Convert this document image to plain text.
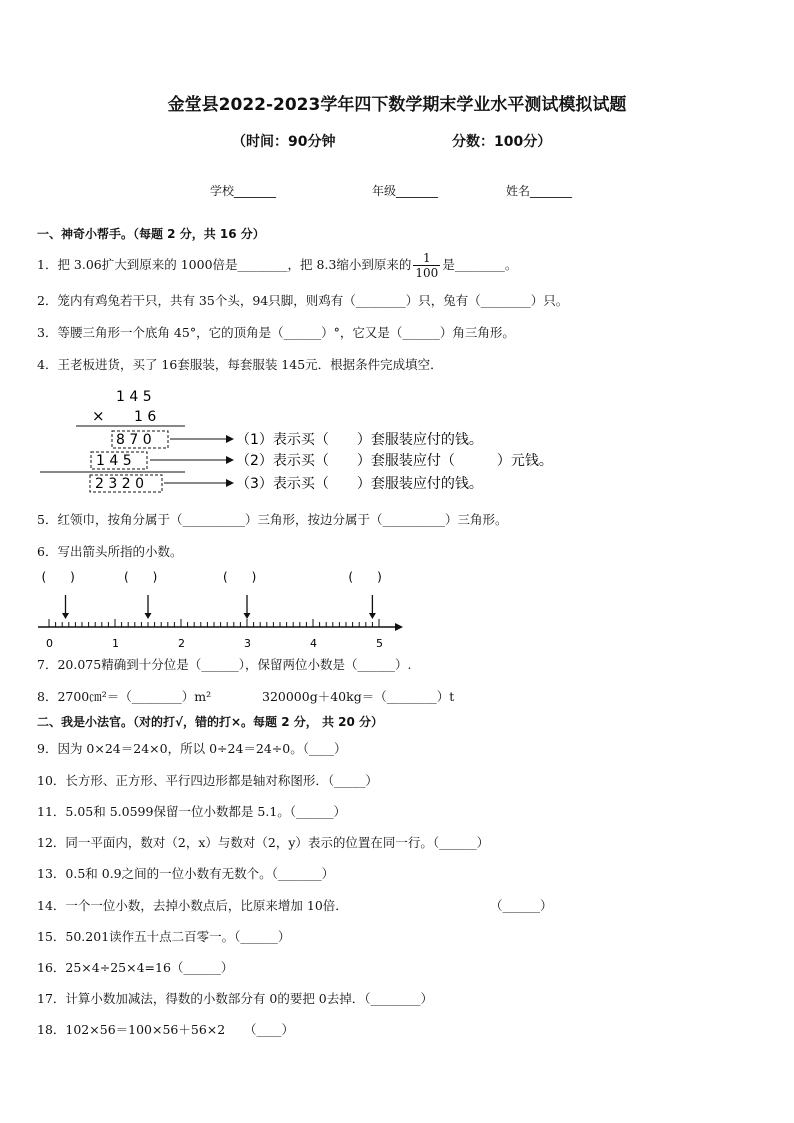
金堂县2022-2023学年四下数学期末学业水平测试模拟试题
（时间：90分钟	分数：100分）
学校_______	年级_______	姓名_______
一、神奇小帮手。（每题 2 分，共 16 分）
1．把 3.06扩大到原来的 1000倍是________，把 8.3缩小到原来的 $\frac{1}{100}$ 是________。
2．笼内有鸡兔若干只，共有 35个头，94只脚，则鸡有（________）只，兔有（________）只。
3．等腰三角形一个底角 45°，它的顶角是（______）°，它又是（______）角三角形。
4．王老板进货，买了 16套服装，每套服装 145元．根据条件完成填空．
1 4 5
× 1 6
8 7 0	（1）表示买（　　）套服装应付的钱。
1 4 5	（2）表示买（　　）套服装应付（　　　）元钱。
2 3 2 0	（3）表示买（　　）套服装应付的钱。
5．红领巾，按角分属于（__________）三角形，按边分属于（__________）三角形。
6．写出箭头所指的小数。
0	1	2	3	4	5
(　　)	(　　)	(　　)	(　　)
7．20.075精确到十分位是（______），保留两位小数是（______）.
8．2700㎝²＝（________）m²	320000g＋40kg＝（________）t
二、我是小法官。（对的打√，错的打×。每题 2 分， 共 20 分）
9．因为 0×24＝24×0，所以 0÷24＝24÷0。（____）
10．长方形、正方形、平行四边形都是轴对称图形．（_____）
11．5.05和 5.0599保留一位小数都是 5.1。（______）
12．同一平面内，数对（2，x）与数对（2，y）表示的位置在同一行。（______）
13．0.5和 0.9之间的一位小数有无数个。（_______）
14．一个一位小数，去掉小数点后，比原来增加 10倍．	（______）
15．50.201读作五十点二百零一。（______）
16．25×4÷25×4=16（______）
17．计算小数加减法，得数的小数部分有 0的要把 0去掉．（________）
18．102×56＝100×56＋56×2　　（____）
